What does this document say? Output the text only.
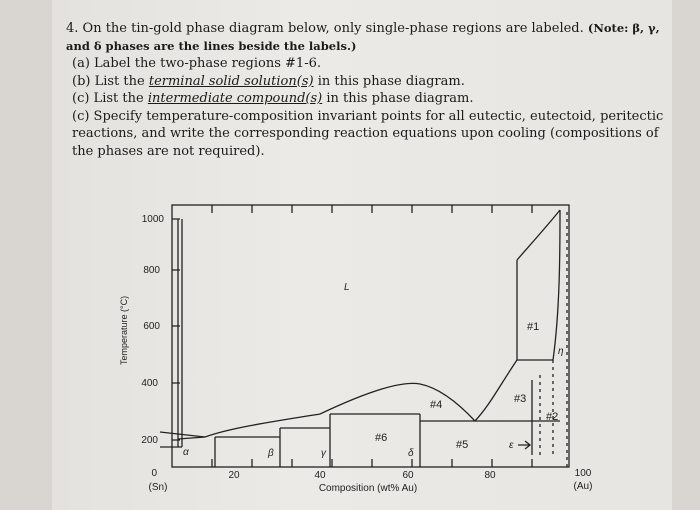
4. On the tin-gold phase diagram below, only single-phase regions are labeled. (Note: β, γ, and δ phases are the lines beside the labels.)

(a) Label the two-phase regions #1-6.

(b) List the terminal solid solution(s) in this phase diagram.

(c) List the intermediate compound(s) in this phase diagram.

(c) Specify temperature-composition invariant points for all eutectic, eutectoid, peritectic reactions, and write the corresponding reaction equations upon cooling (compositions of the phases are not required).

1000
800
600
400
200
0
Temperature (°C)
20	40	60	80	100
(Sn)	(Au)
Composition (wt% Au)
L
α	β	γ	δ
ε
η
#1
#2
#3
#4
#5
#6
